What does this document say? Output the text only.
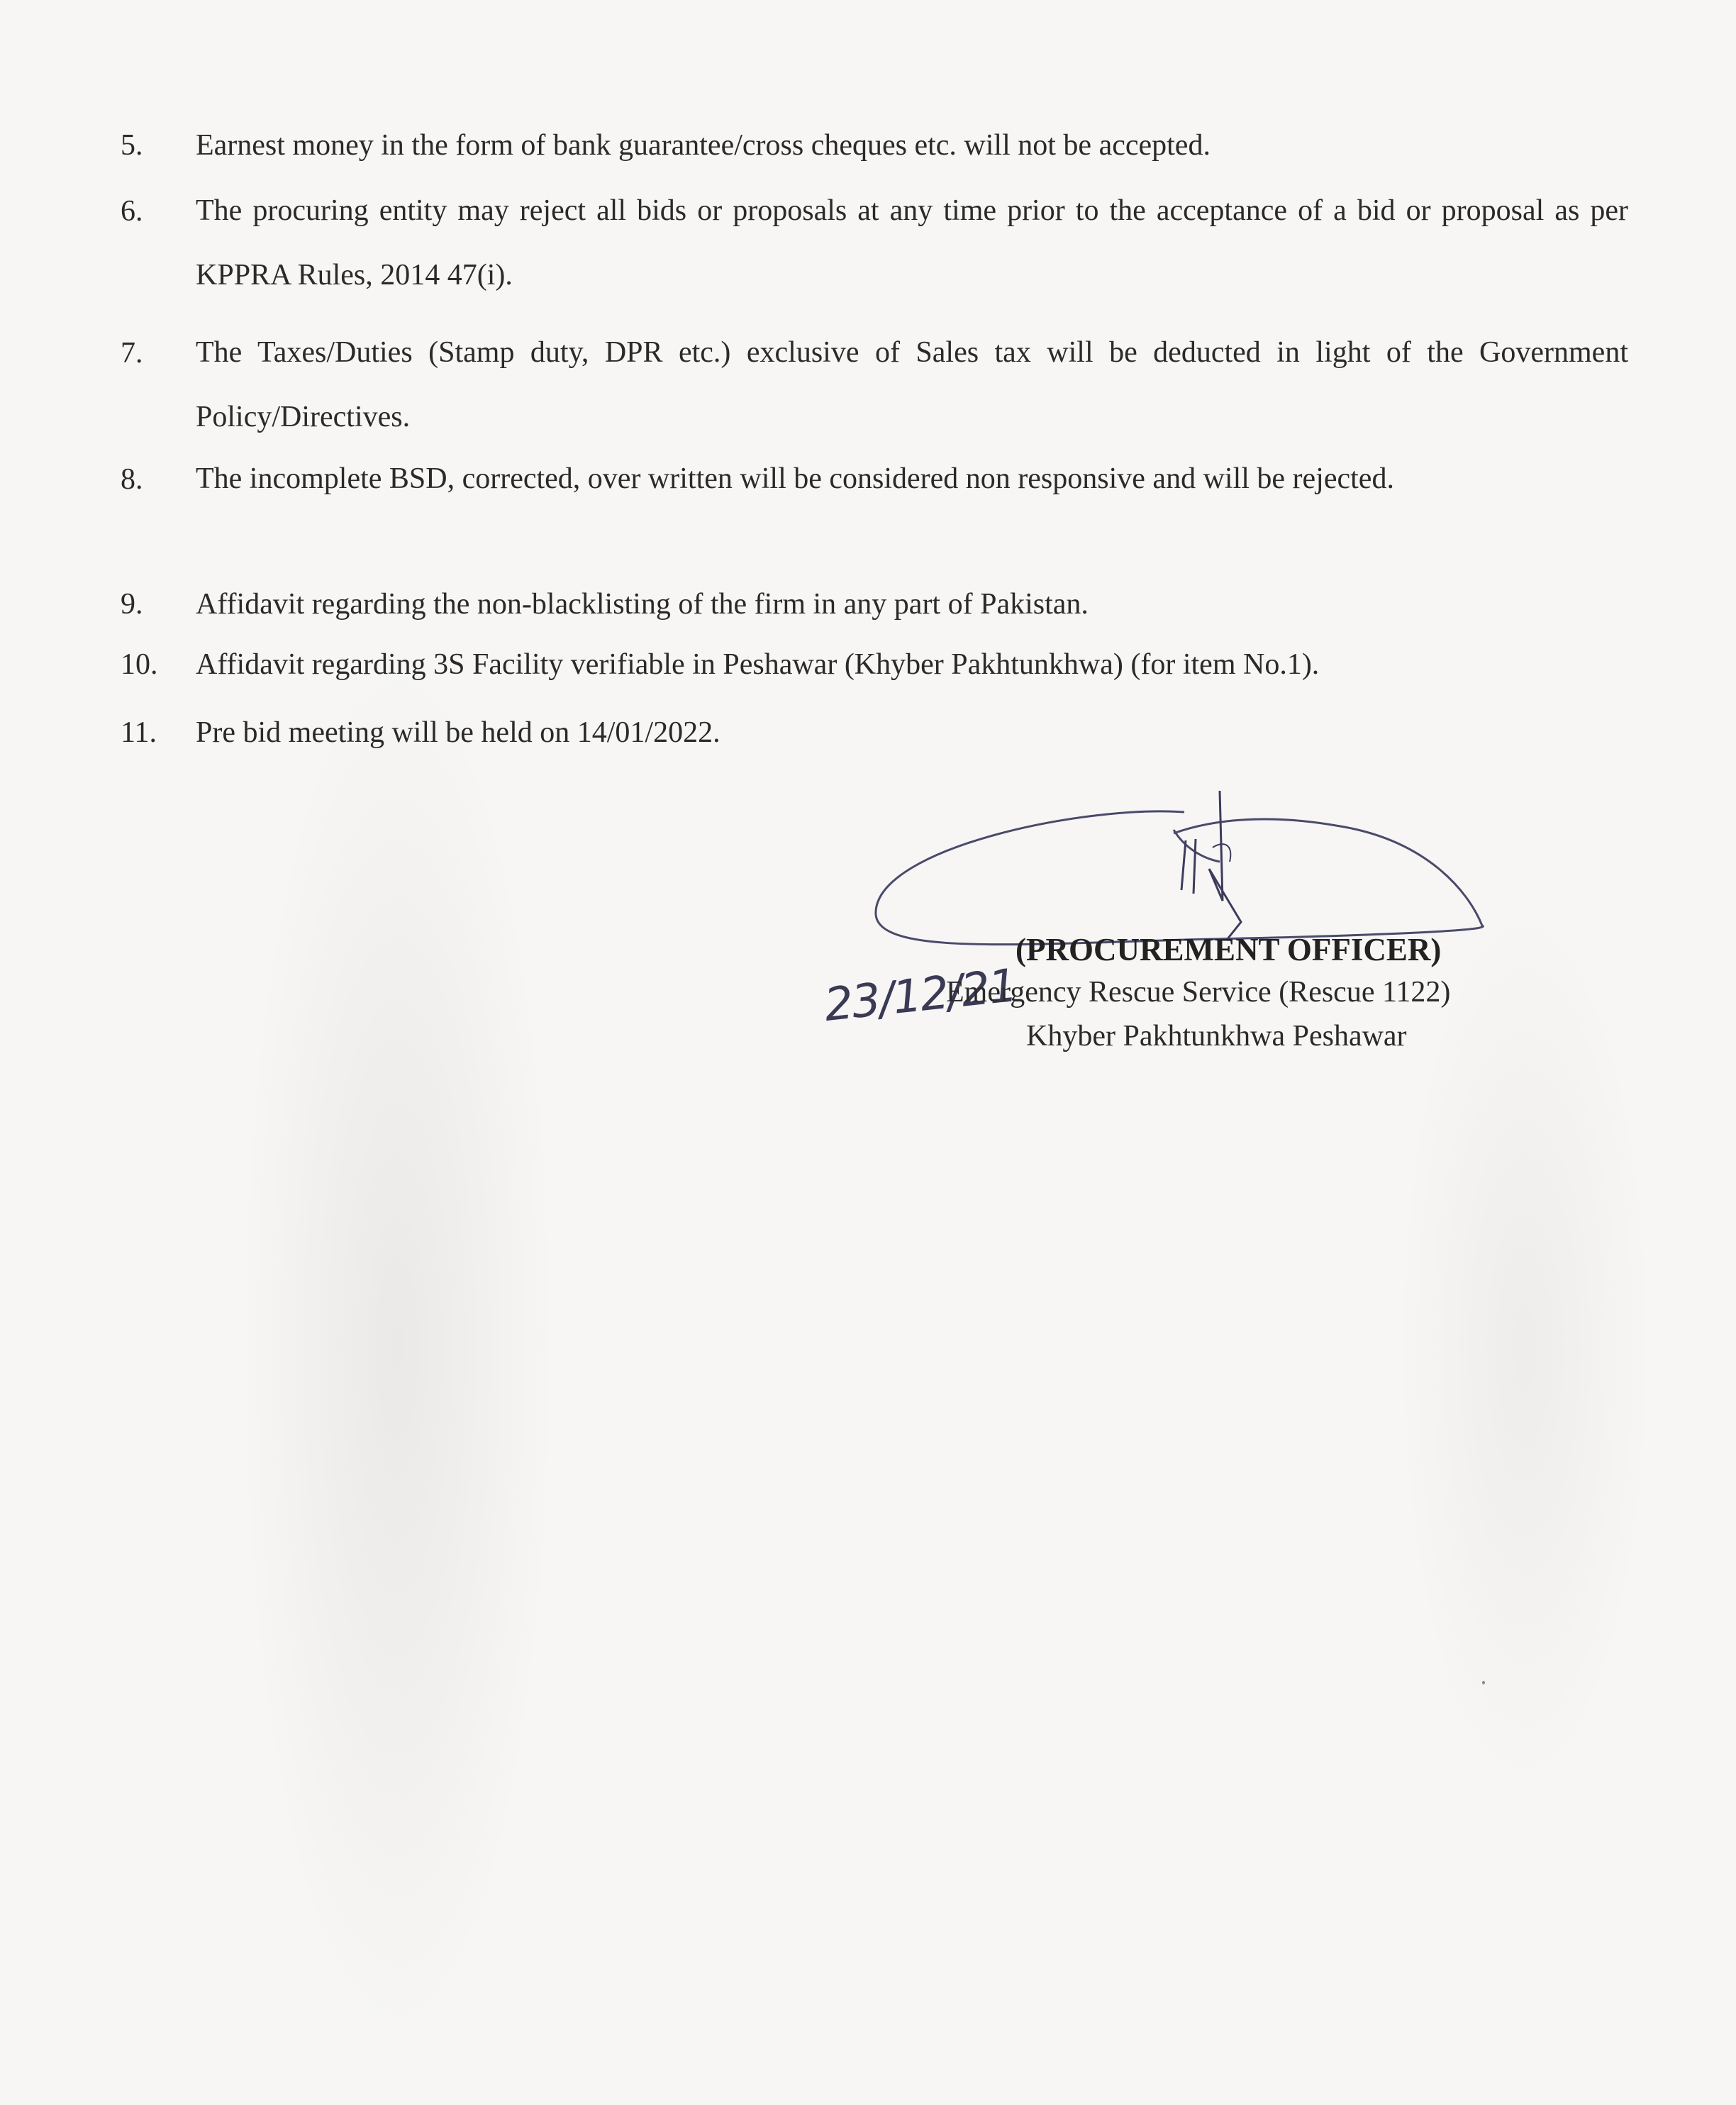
5.	Earnest money in the form of bank guarantee/cross cheques etc. will not be accepted.
6.	The procuring entity may reject all bids or proposals at any time prior to the acceptance of a bid or proposal as per KPPRA Rules, 2014 47(i).
7.	The Taxes/Duties (Stamp duty, DPR etc.) exclusive of Sales tax will be deducted in light of the Government Policy/Directives.
8.	The incomplete BSD, corrected, over written will be considered non responsive and will be rejected.
9.	Affidavit regarding the non-blacklisting of the firm in any part of Pakistan.
10.	Affidavit regarding 3S Facility verifiable in Peshawar (Khyber Pakhtunkhwa) (for item No.1).
11.	Pre bid meeting will be held on 14/01/2022.
23/12/21
(PROCUREMENT OFFICER)
Emergency Rescue Service (Rescue 1122)
Khyber Pakhtunkhwa Peshawar
